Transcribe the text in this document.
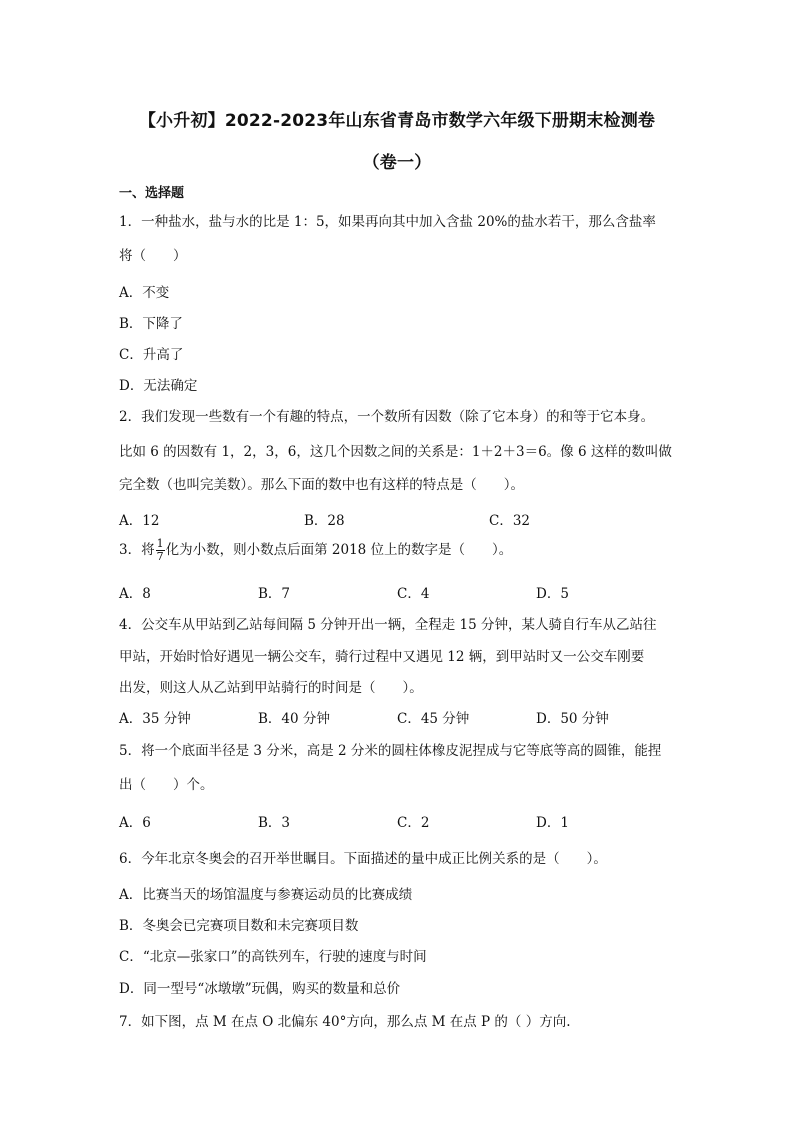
【小升初】2022-2023年山东省青岛市数学六年级下册期末检测卷
（卷一）
一、选择题
1．一种盐水，盐与水的比是 1：5，如果再向其中加入含盐 20%的盐水若干，那么含盐率
将（　　）
A．不变
B．下降了
C．升高了
D．无法确定
2．我们发现一些数有一个有趣的特点，一个数所有因数（除了它本身）的和等于它本身。
比如 6 的因数有 1，2，3，6，这几个因数之间的关系是：1＋2＋3＝6。像 6 这样的数叫做
完全数（也叫完美数）。那么下面的数中也有这样的特点是（　　）。
A．12	B．28	C．32
3．将 $\frac{1}{7}$ 化为小数，则小数点后面第 2018 位上的数字是（　　）。
A．8	B．7	C．4	D．5
4．公交车从甲站到乙站每间隔 5 分钟开出一辆，全程走 15 分钟，某人骑自行车从乙站往
甲站，开始时恰好遇见一辆公交车，骑行过程中又遇见 12 辆，到甲站时又一公交车刚要
出发，则这人从乙站到甲站骑行的时间是（　　）。
A．35 分钟	B．40 分钟	C．45 分钟	D．50 分钟
5．将一个底面半径是 3 分米，高是 2 分米的圆柱体橡皮泥捏成与它等底等高的圆锥，能捏
出（　　）个。
A．6	B．3	C．2	D．1
6．今年北京冬奥会的召开举世瞩目。下面描述的量中成正比例关系的是（　　）。
A．比赛当天的场馆温度与参赛运动员的比赛成绩
B．冬奥会已完赛项目数和未完赛项目数
C．“北京—张家口”的高铁列车，行驶的速度与时间
D．同一型号“冰墩墩”玩偶，购买的数量和总价
7．如下图，点 M 在点 O 北偏东 40°方向，那么点 M 在点 P 的（ ）方向.
